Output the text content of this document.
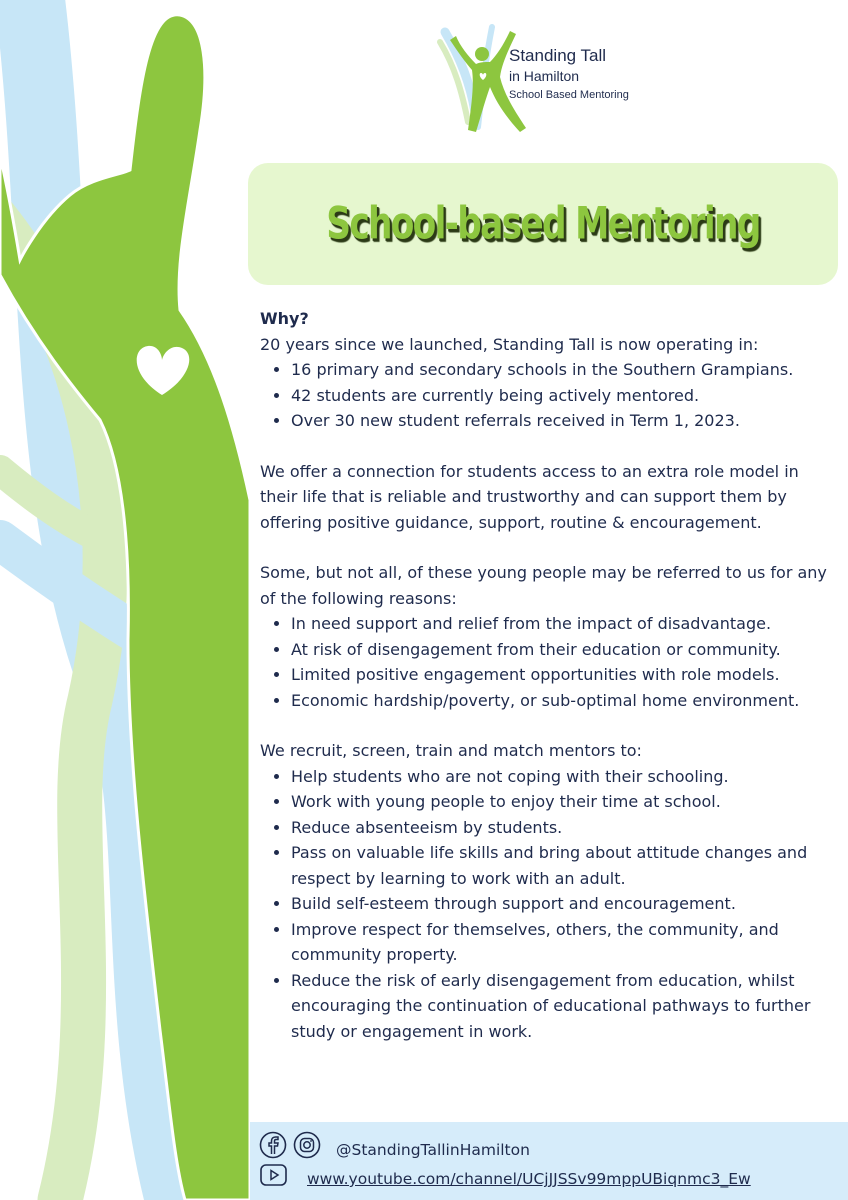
Standing Tall
in Hamilton
School Based Mentoring
School-based Mentoring

Why?

20 years since we launched, Standing Tall is now operating in:

• 16 primary and secondary schools in the Southern Grampians.
• 42 students are currently being actively mentored.
• Over 30 new student referrals received in Term 1, 2023.

We offer a connection for students access to an extra role model in their life that is reliable and trustworthy and can support them by offering positive guidance, support, routine & encouragement.

Some, but not all, of these young people may be referred to us for any of the following reasons:

• In need support and relief from the impact of disadvantage.
• At risk of disengagement from their education or community.
• Limited positive engagement opportunities with role models.
• Economic hardship/poverty, or sub-optimal home environment.

We recruit, screen, train and match mentors to:

• Help students who are not coping with their schooling.
• Work with young people to enjoy their time at school.
• Reduce absenteeism by students.
• Pass on valuable life skills and bring about attitude changes and respect by learning to work with an adult.
• Build self-esteem through support and encouragement.
• Improve respect for themselves, others, the community, and community property.
• Reduce the risk of early disengagement from education, whilst encouraging the continuation of educational pathways to further study or engagement in work.
@StandingTallinHamilton
www.youtube.com/channel/UCjJJSSv99mppUBiqnmc3_Ew
